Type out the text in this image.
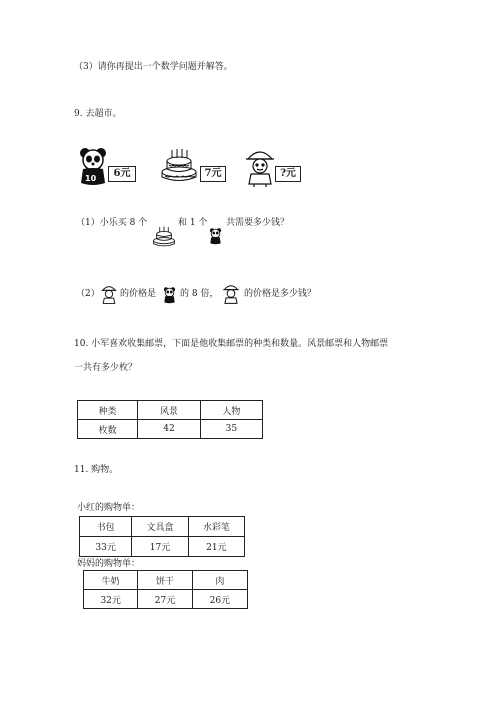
（3）请你再提出一个数学问题并解答。
9. 去超市。
10	6元	7元	?元
（1）小乐买 8 个	和 1 个 共需要多少钱？
（2） 的价格是	的 8 倍，	的价格是多少钱？
10. 小军喜欢收集邮票，下面是他收集邮票的种类和数量。风景邮票和人物邮票
一共有多少枚？
种类	风景	人物
枚数	42	35
11. 购物。
小红的购物单：
书包	文具盒	水彩笔
33元	17元	21元
妈妈的购物单：
牛奶	饼干	肉
32元	27元	26元
